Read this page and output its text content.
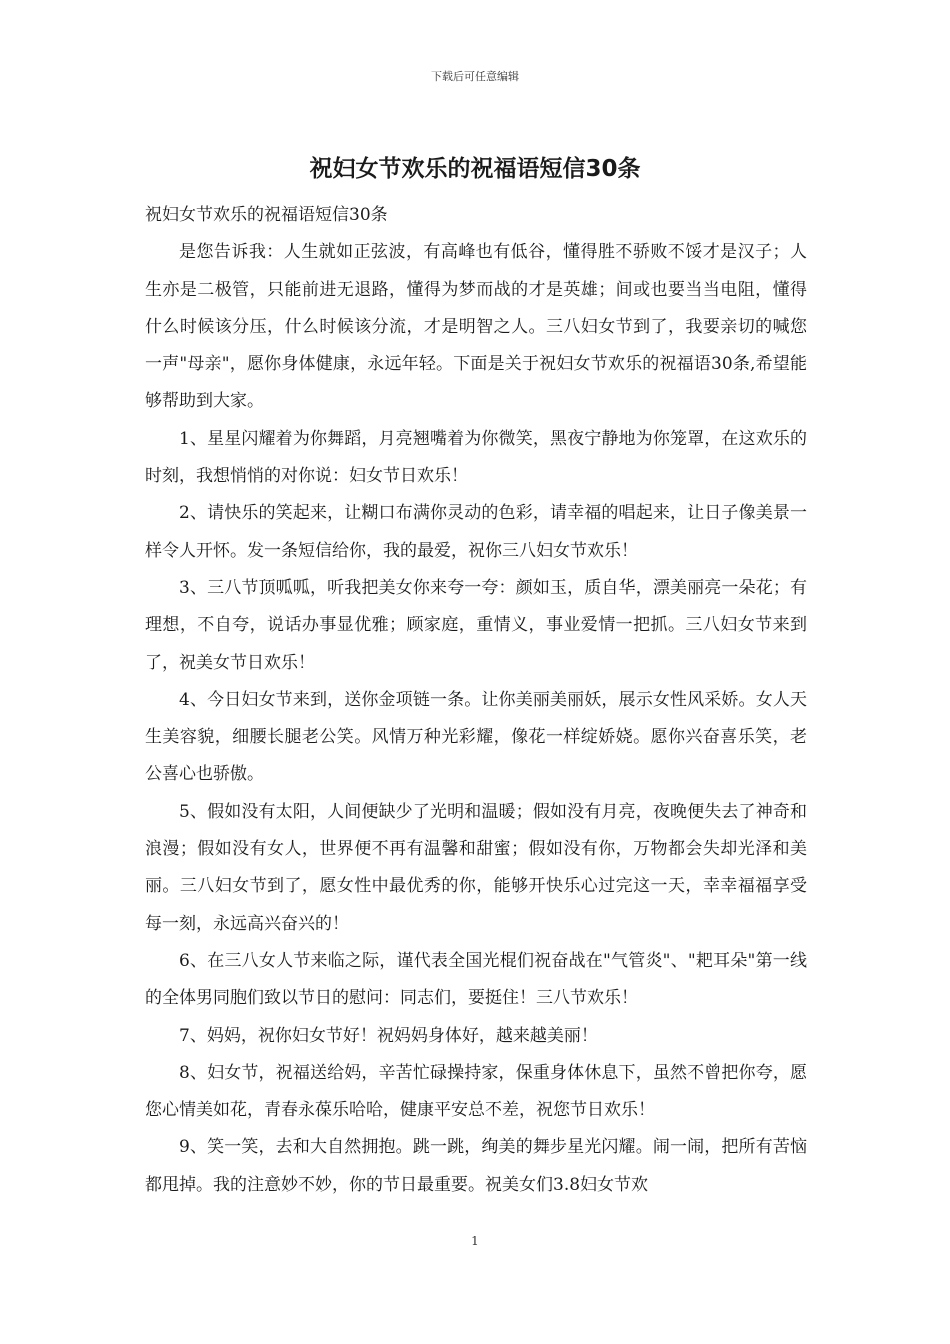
下载后可任意编辑
祝妇女节欢乐的祝福语短信30条

祝妇女节欢乐的祝福语短信30条

是您告诉我：人生就如正弦波，有高峰也有低谷，懂得胜不骄败不馁才是汉子；人生亦是二极管，只能前进无退路，懂得为梦而战的才是英雄；间或也要当当电阻，懂得什么时候该分压，什么时候该分流，才是明智之人。三八妇女节到了，我要亲切的喊您一声"母亲"，愿你身体健康，永远年轻。下面是关于祝妇女节欢乐的祝福语30条,希望能够帮助到大家。

1、星星闪耀着为你舞蹈，月亮翘嘴着为你微笑，黑夜宁静地为你笼罩，在这欢乐的时刻，我想悄悄的对你说：妇女节日欢乐！

2、请快乐的笑起来，让糊口布满你灵动的色彩，请幸福的唱起来，让日子像美景一样令人开怀。发一条短信给你，我的最爱，祝你三八妇女节欢乐！

3、三八节顶呱呱，听我把美女你来夸一夸：颜如玉，质自华，漂美丽亮一朵花；有理想，不自夸，说话办事显优雅；顾家庭，重情义，事业爱情一把抓。三八妇女节来到了，祝美女节日欢乐！

4、今日妇女节来到，送你金项链一条。让你美丽美丽妖，展示女性风采娇。女人天生美容貌，细腰长腿老公笑。风情万种光彩耀，像花一样绽娇娆。愿你兴奋喜乐笑，老公喜心也骄傲。

5、假如没有太阳，人间便缺少了光明和温暖；假如没有月亮，夜晚便失去了神奇和浪漫；假如没有女人，世界便不再有温馨和甜蜜；假如没有你，万物都会失却光泽和美丽。三八妇女节到了，愿女性中最优秀的你，能够开快乐心过完这一天，幸幸福福享受每一刻，永远高兴奋兴的！

6、在三八女人节来临之际，谨代表全国光棍们祝奋战在"气管炎"、"耙耳朵"第一线的全体男同胞们致以节日的慰问：同志们，要挺住！三八节欢乐！

7、妈妈，祝你妇女节好！祝妈妈身体好，越来越美丽！

8、妇女节，祝福送给妈，辛苦忙碌操持家，保重身体休息下，虽然不曾把你夸，愿您心情美如花，青春永葆乐哈哈，健康平安总不差，祝您节日欢乐！

9、笑一笑，去和大自然拥抱。跳一跳，绚美的舞步星光闪耀。闹一闹，把所有苦恼都甩掉。我的注意妙不妙，你的节日最重要。祝美女们3.8妇女节欢

1
